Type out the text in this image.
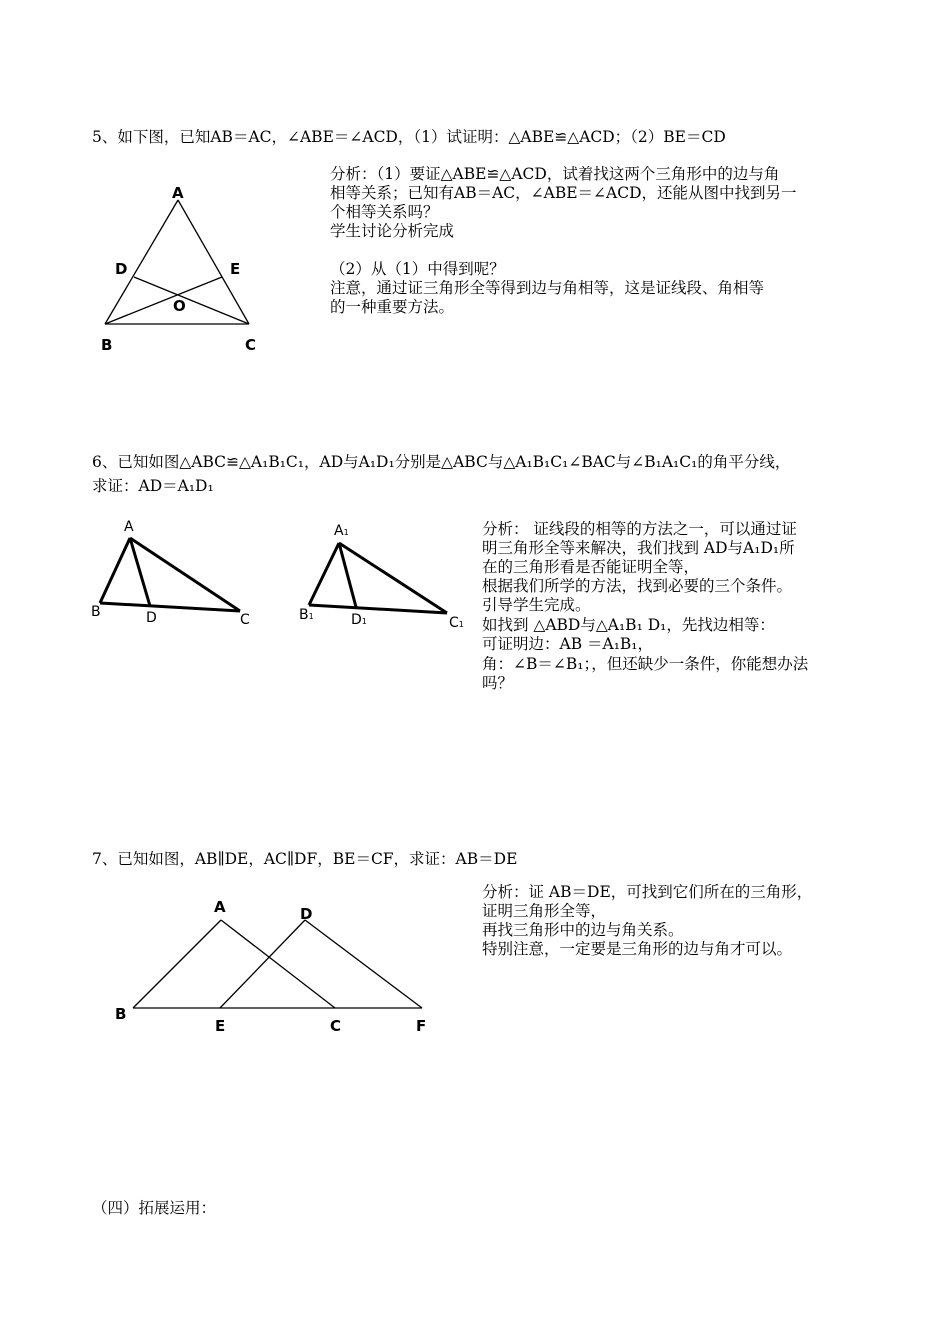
5、如下图，已知AB＝AC，∠ABE＝∠ACD，（1）试证明：△ABE≌△ACD；（2）BE＝CD
A
D	E
O
B	C
分析：（1）要证△ABE≌△ACD，试着找这两个三角形中的边与角
相等关系；已知有AB＝AC，∠ABE＝∠ACD，还能从图中找到另一
个相等关系吗？
学生讨论分析完成
（2）从（1）中得到呢？
注意，通过证三角形全等得到边与角相等，这是证线段、角相等
的一种重要方法。
6、已知如图△ABC≌△A₁B₁C₁，AD与A₁D₁分别是△ABC与△A₁B₁C₁∠BAC与∠B₁A₁C₁的角平分线，
求证：AD＝A₁D₁
A
B	D	C
A1
B1	D1	C1
分析： 证线段的相等的方法之一，可以通过证
明三角形全等来解决，我们找到 AD与A₁D₁所
在的三角形看是否能证明全等，
根据我们所学的方法，找到必要的三个条件。
引导学生完成。
如找到 △ABD与△A₁B₁ D₁，先找边相等：
可证明边：AB ＝A₁B₁，
角：∠B＝∠B₁；，但还缺少一条件，你能想办法
吗？
7、已知如图，AB∥DE，AC∥DF，BE＝CF，求证：AB＝DE
A	D
B
E	C	F
分析：证 AB＝DE，可找到它们所在的三角形，
证明三角形全等，
再找三角形中的边与角关系。
特别注意，一定要是三角形的边与角才可以。
（四）拓展运用：
